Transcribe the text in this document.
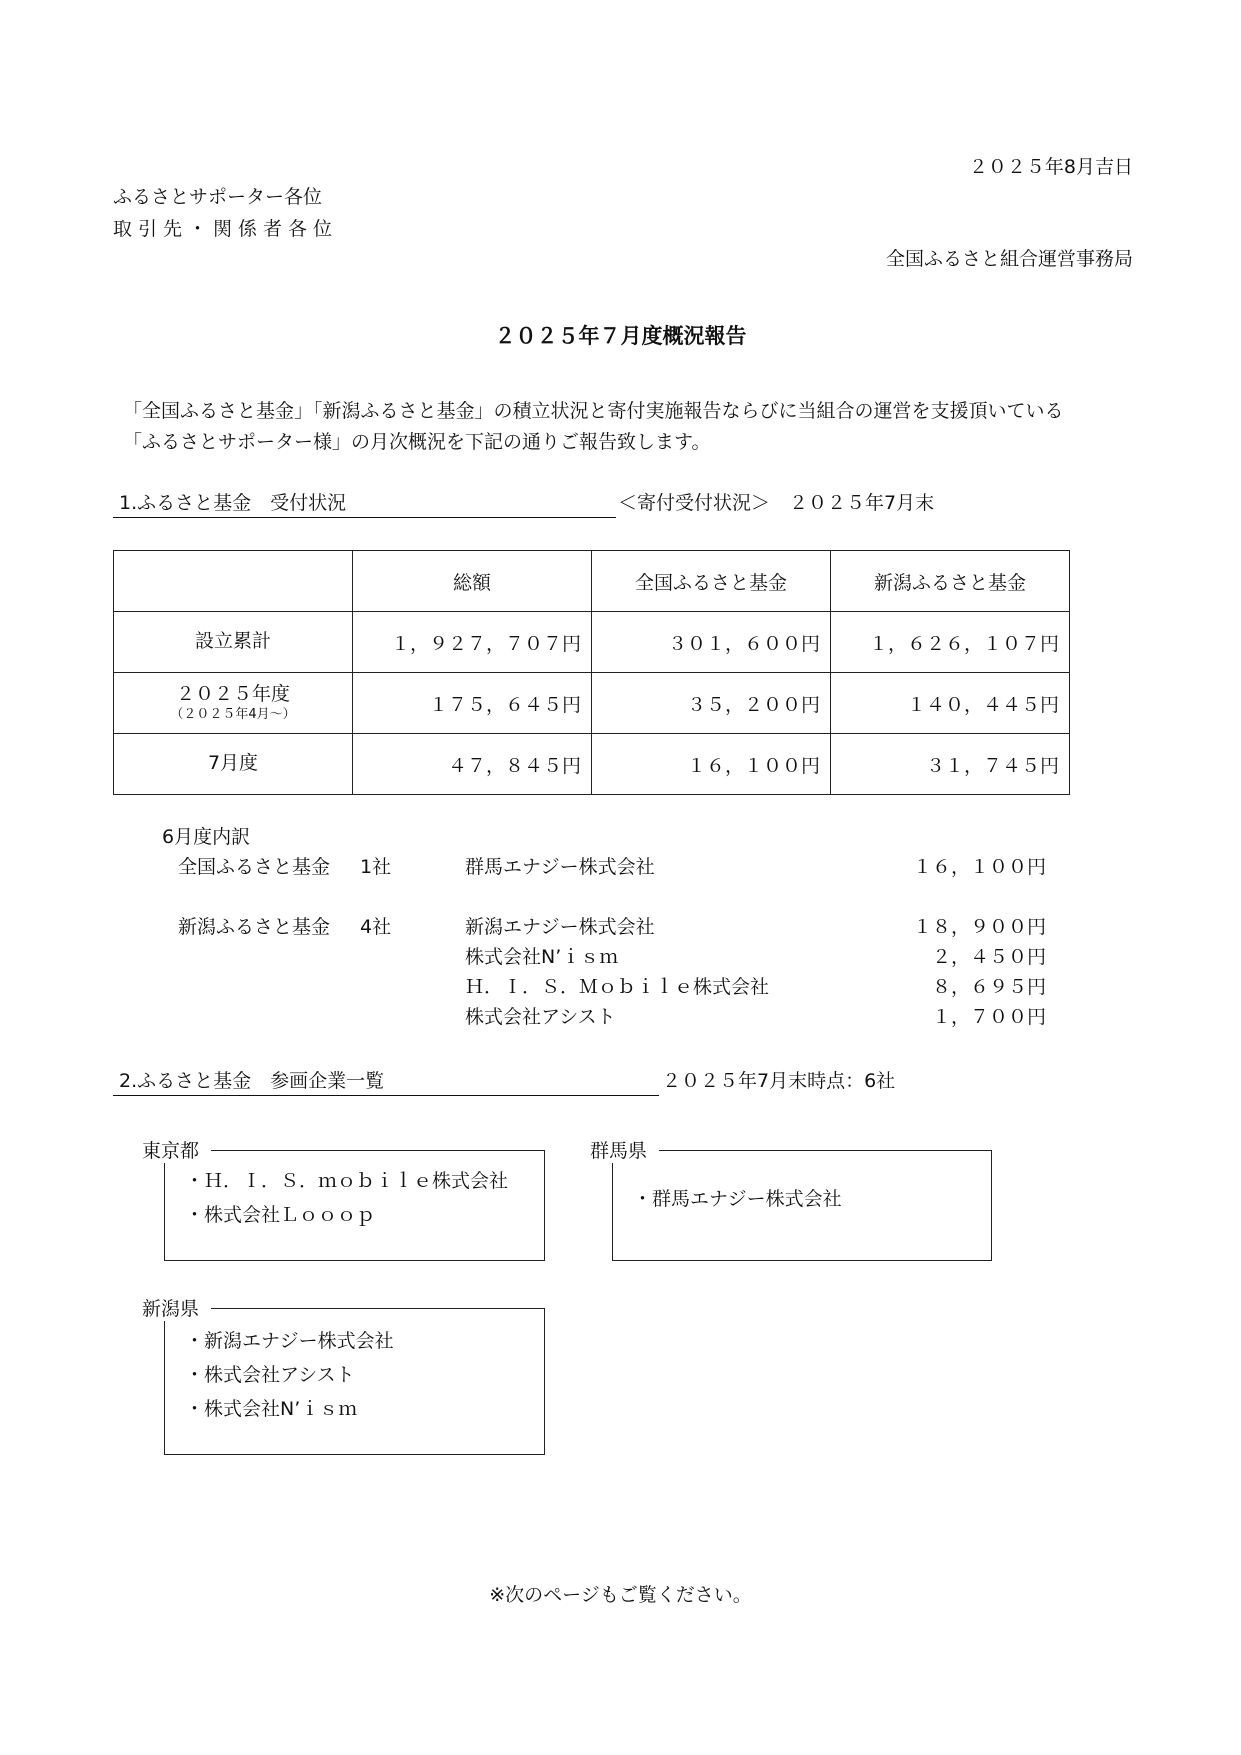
２０２５年8月吉日
ふるさとサポーター各位
取引先・関係者各位
全国ふるさと組合運営事務局
２０２５年７月度概況報告
「全国ふるさと基金」「新潟ふるさと基金」の積立状況と寄付実施報告ならびに当組合の運営を支援頂いている
「ふるさとサポーター様」の月次概況を下記の通りご報告致します。
1.ふるさと基金　受付状況	＜寄付受付状況＞　２０２５年7月末
	総額	全国ふるさと基金	新潟ふるさと基金
設立累計	１，９２７，７０７円	３０１，６００円	１，６２６，１０７円

２０２５年度
（２０２５年4月～）	１７５，６４５円	３５，２００円	１４０，４４５円
7月度	４７，８４５円	１６，１００円	３１，７４５円
6月度内訳
全国ふるさと基金 1社	群馬エナジー株式会社	１６，１００円
新潟ふるさと基金 4社	新潟エナジー株式会社	１８，９００円
株式会社N’ｉｓｍ	２，４５０円
Ｈ．Ｉ．Ｓ．Ｍｏｂｉｌｅ株式会社	８，６９５円
株式会社アシスト	１，７００円
2.ふるさと基金　参画企業一覧	２０２５年7月末時点：6社
・Ｈ．Ｉ．Ｓ．ｍｏｂｉｌｅ株式会社
・株式会社Ｌｏｏｏｐ
東京都
・群馬エナジー株式会社
群馬県
・新潟エナジー株式会社
・株式会社アシスト
・株式会社N’ｉｓｍ
新潟県
※次のページもご覧ください。
